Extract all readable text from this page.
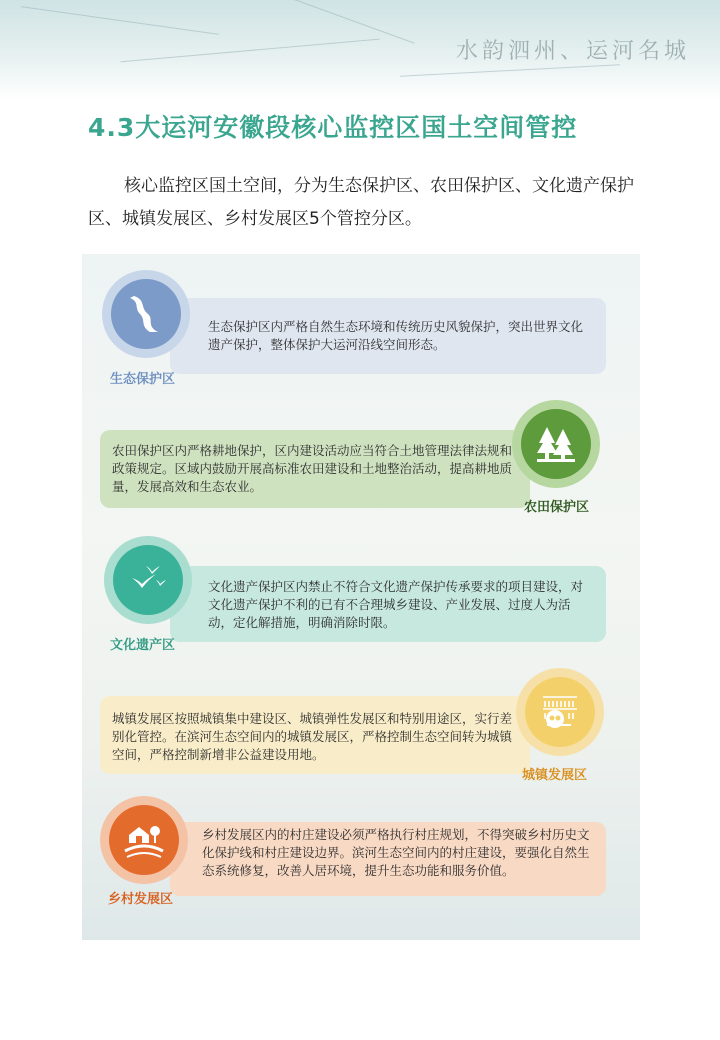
水韵泗州、运河名城
4.3大运河安徽段核心监控区国土空间管控
核心监控区国土空间，分为生态保护区、农田保护区、文化遗产保护区、城镇发展区、乡村发展区5个管控分区。
生态保护区内严格自然生态环境和传统历史风貌保护，突出世界文化遗产保护，整体保护大运河沿线空间形态。
生态保护区
农田保护区内严格耕地保护，区内建设活动应当符合土地管理法律法规和政策规定。区域内鼓励开展高标准农田建设和土地整治活动，提高耕地质量，发展高效和生态农业。
农田保护区
文化遗产保护区内禁止不符合文化遗产保护传承要求的项目建设，对文化遗产保护不利的已有不合理城乡建设、产业发展、过度人为活动，定化解措施，明确消除时限。
文化遗产区
城镇发展区按照城镇集中建设区、城镇弹性发展区和特别用途区，实行差别化管控。在滨河生态空间内的城镇发展区，严格控制生态空间转为城镇空间，严格控制新增非公益建设用地。
城镇发展区
乡村发展区内的村庄建设必须严格执行村庄规划，不得突破乡村历史文化保护线和村庄建设边界。滨河生态空间内的村庄建设，要强化自然生态系统修复，改善人居环境，提升生态功能和服务价值。
乡村发展区
